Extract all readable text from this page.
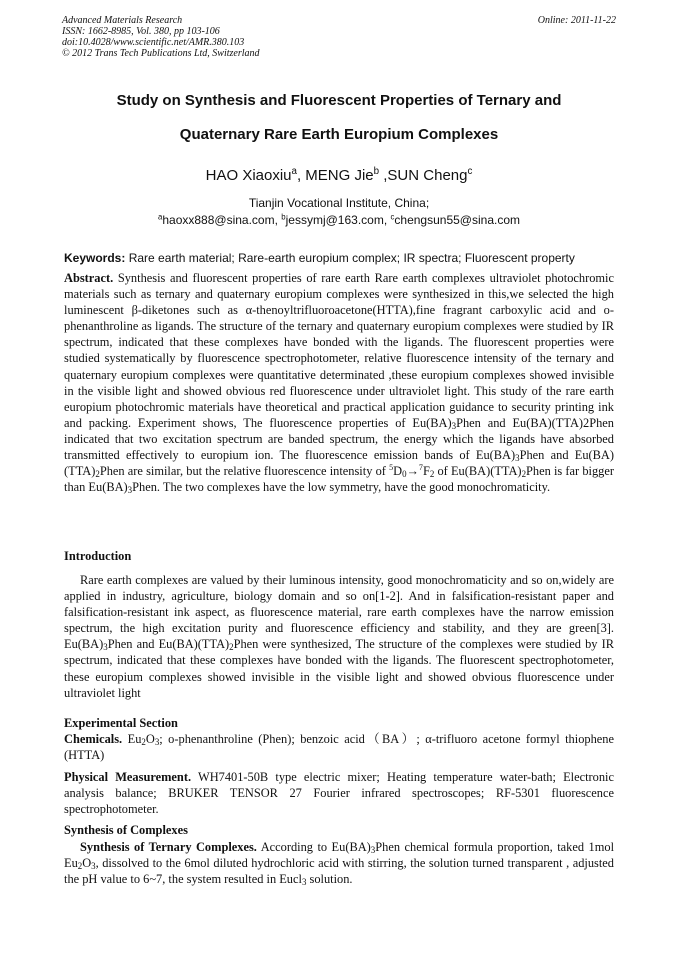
Advanced Materials Research
ISSN: 1662-8985, Vol. 380, pp 103-106
doi:10.4028/www.scientific.net/AMR.380.103
© 2012 Trans Tech Publications Ltd, Switzerland
Online: 2011-11-22
Study on Synthesis and Fluorescent Properties of Ternary and
Quaternary Rare Earth Europium Complexes
HAO Xiaoxiu$^a$, MENG Jie$^b$ ,SUN Cheng$^c$
Tianjin Vocational Institute, China;
$^a$haoxx888@sina.com, $^b$jessymj@163.com, $^c$chengsun55@sina.com
Keywords: Rare earth material; Rare-earth europium complex; IR spectra; Fluorescent property
Abstract. Synthesis and fluorescent properties of rare earth Rare earth complexes ultraviolet photochromic materials such as ternary and quaternary europium complexes were synthesized in this,we selected the high luminescent β-diketones such as α-thenoyltrifluoroacetone(HTTA),fine fragrant carboxylic acid and o-phenanthroline as ligands. The structure of the ternary and quaternary europium complexes were studied by IR spectrum, indicated that these complexes have bonded with the ligands. The fluorescent properties were studied systematically by fluorescence spectrophotometer, relative fluorescence intensity of the ternary and quaternary europium complexes were quantitative determinated ,these europium complexes showed invisible in the visible light and showed obvious red fluorescence under ultraviolet light. This study of the rare earth europium photochromic materials have theoretical and practical application guidance to security printing ink and packing. Experiment shows, The fluorescence properties of $Eu(BA)_3Phen$ and Eu(BA)(TTA)2Phen indicated that two excitation spectrum are banded spectrum, the energy which the ligands have absorbed transmitted effectively to europium ion. The fluorescence emission bands of $Eu(BA)_3Phen$ and $Eu(BA)(TTA)_2Phen$ are similar, but the relative fluorescence intensity of $^5D_0\to^7F_2$ of $Eu(BA)(TTA)_2Phen$ is far bigger than $Eu(BA)_3Phen$. The two complexes have the low symmetry, have the good monochromaticity.
Introduction
Rare earth complexes are valued by their luminous intensity, good monochromaticity and so on,widely are applied in industry, agriculture, biology domain and so on[1-2]. And in falsification-resistant paper and falsification-resistant ink aspect, as fluorescence material, rare earth complexes have the narrow emission spectrum, the high excitation purity and fluorescence efficiency and stability, and they are green[3]. $Eu(BA)_3Phen$ and $Eu(BA)(TTA)_2Phen$ were synthesized, The structure of the complexes were studied by IR spectrum, indicated that these complexes have bonded with the ligands. The fluorescent spectrophotometer, these europium complexes showed invisible in the visible light and showed obvious fluorescence under ultraviolet light
Experimental Section
Chemicals. $Eu_2O_3$; o-phenanthroline (Phen); benzoic acid（BA）; α-trifluoro acetone formyl thiophene (HTTA)
Physical Measurement. WH7401-50B type electric mixer; Heating temperature water-bath; Electronic analysis balance; BRUKER TENSOR 27 Fourier infrared spectroscopes; RF-5301 fluorescence spectrophotometer.
Synthesis of Complexes
Synthesis of Ternary Complexes. According to $Eu(BA)_3Phen$ chemical formula proportion, taked 1mol $Eu_2O_3$, dissolved to the 6mol diluted hydrochloric acid with stirring, the solution turned transparent , adjusted the pH value to 6~7, the system resulted in Eucl$_3$ solution.
